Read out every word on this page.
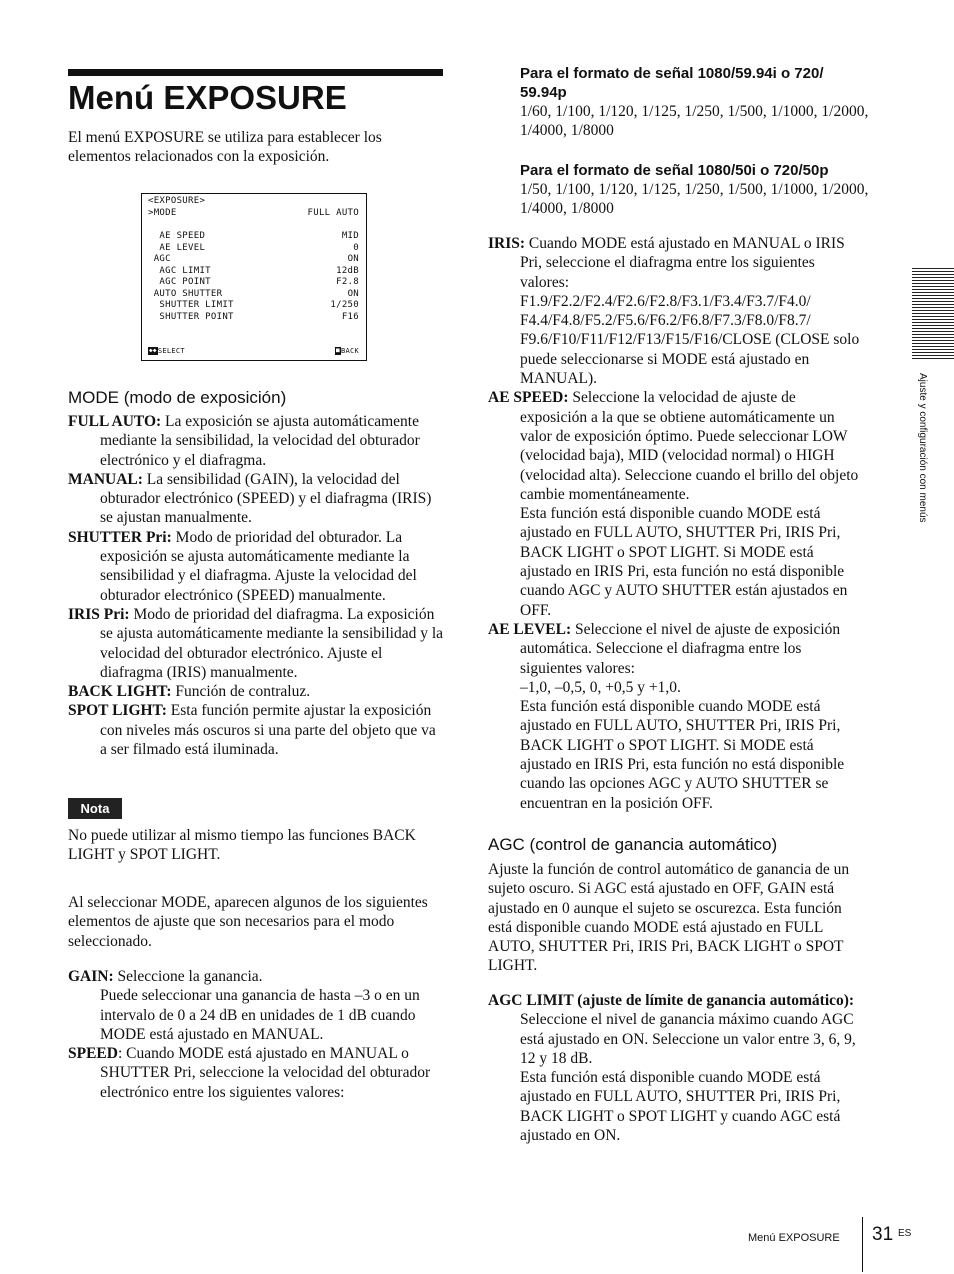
Menú EXPOSURE

El menú EXPOSURE se utiliza para establecer los elementos relacionados con la exposición.

<EXPOSURE>
>MODE	FULL AUTO
AE SPEED	MID
AE LEVEL	0
AGC	ON
AGC LIMIT	12dB
AGC POINT	F2.8
AUTO SHUTTER	ON
SHUTTER LIMIT	1/250
SHUTTER POINT	F16
◆◆SELECT	■BACK
MODE (modo de exposición)

FULL AUTO: La exposición se ajusta automáticamente mediante la sensibilidad, la velocidad del obturador electrónico y el diafragma.

MANUAL: La sensibilidad (GAIN), la velocidad del obturador electrónico (SPEED) y el diafragma (IRIS) se ajustan manualmente.

SHUTTER Pri: Modo de prioridad del obturador. La exposición se ajusta automáticamente mediante la sensibilidad y el diafragma. Ajuste la velocidad del obturador electrónico (SPEED) manualmente.

IRIS Pri: Modo de prioridad del diafragma. La exposición se ajusta automáticamente mediante la sensibilidad y la velocidad del obturador electrónico. Ajuste el diafragma (IRIS) manualmente.

BACK LIGHT: Función de contraluz.

SPOT LIGHT: Esta función permite ajustar la exposición con niveles más oscuros si una parte del objeto que va a ser filmado está iluminada.

Nota

No puede utilizar al mismo tiempo las funciones BACK LIGHT y SPOT LIGHT.

Al seleccionar MODE, aparecen algunos de los siguientes elementos de ajuste que son necesarios para el modo seleccionado.

GAIN: Seleccione la ganancia.

Puede seleccionar una ganancia de hasta –3 o en un intervalo de 0 a 24 dB en unidades de 1 dB cuando MODE está ajustado en MANUAL.

SPEED: Cuando MODE está ajustado en MANUAL o SHUTTER Pri, seleccione la velocidad del obturador electrónico entre los siguientes valores:

Para el formato de señal 1080/59.94i o 720/ 59.94p

1/60, 1/100, 1/120, 1/125, 1/250, 1/500, 1/1000, 1/2000, 1/4000, 1/8000

Para el formato de señal 1080/50i o 720/50p

1/50, 1/100, 1/120, 1/125, 1/250, 1/500, 1/1000, 1/2000, 1/4000, 1/8000

IRIS: Cuando MODE está ajustado en MANUAL o IRIS Pri, seleccione el diafragma entre los siguientes valores: F1.9/F2.2/F2.4/F2.6/F2.8/F3.1/F3.4/F3.7/F4.0/ F4.4/F4.8/F5.2/F5.6/F6.2/F6.8/F7.3/F8.0/F8.7/ F9.6/F10/F11/F12/F13/F15/F16/CLOSE (CLOSE solo puede seleccionarse si MODE está ajustado en MANUAL).

AE SPEED: Seleccione la velocidad de ajuste de exposición a la que se obtiene automáticamente un valor de exposición óptimo. Puede seleccionar LOW (velocidad baja), MID (velocidad normal) o HIGH (velocidad alta). Seleccione cuando el brillo del objeto cambie momentáneamente.

Esta función está disponible cuando MODE está ajustado en FULL AUTO, SHUTTER Pri, IRIS Pri, BACK LIGHT o SPOT LIGHT. Si MODE está ajustado en IRIS Pri, esta función no está disponible cuando AGC y AUTO SHUTTER están ajustados en OFF.

AE LEVEL: Seleccione el nivel de ajuste de exposición automática. Seleccione el diafragma entre los siguientes valores:

–1,0, –0,5, 0, +0,5 y +1,0.

Esta función está disponible cuando MODE está ajustado en FULL AUTO, SHUTTER Pri, IRIS Pri, BACK LIGHT o SPOT LIGHT. Si MODE está ajustado en IRIS Pri, esta función no está disponible cuando las opciones AGC y AUTO SHUTTER se encuentran en la posición OFF.

AGC (control de ganancia automático)

Ajuste la función de control automático de ganancia de un sujeto oscuro. Si AGC está ajustado en OFF, GAIN está ajustado en 0 aunque el sujeto se oscurezca. Esta función está disponible cuando MODE está ajustado en FULL AUTO, SHUTTER Pri, IRIS Pri, BACK LIGHT o SPOT LIGHT.

AGC LIMIT (ajuste de límite de ganancia automático): Seleccione el nivel de ganancia máximo cuando AGC está ajustado en ON. Seleccione un valor entre 3, 6, 9, 12 y 18 dB.

Esta función está disponible cuando MODE está ajustado en FULL AUTO, SHUTTER Pri, IRIS Pri, BACK LIGHT o SPOT LIGHT y cuando AGC está ajustado en ON.

Ajuste y configuración con menús
Menú EXPOSURE 31 ES
